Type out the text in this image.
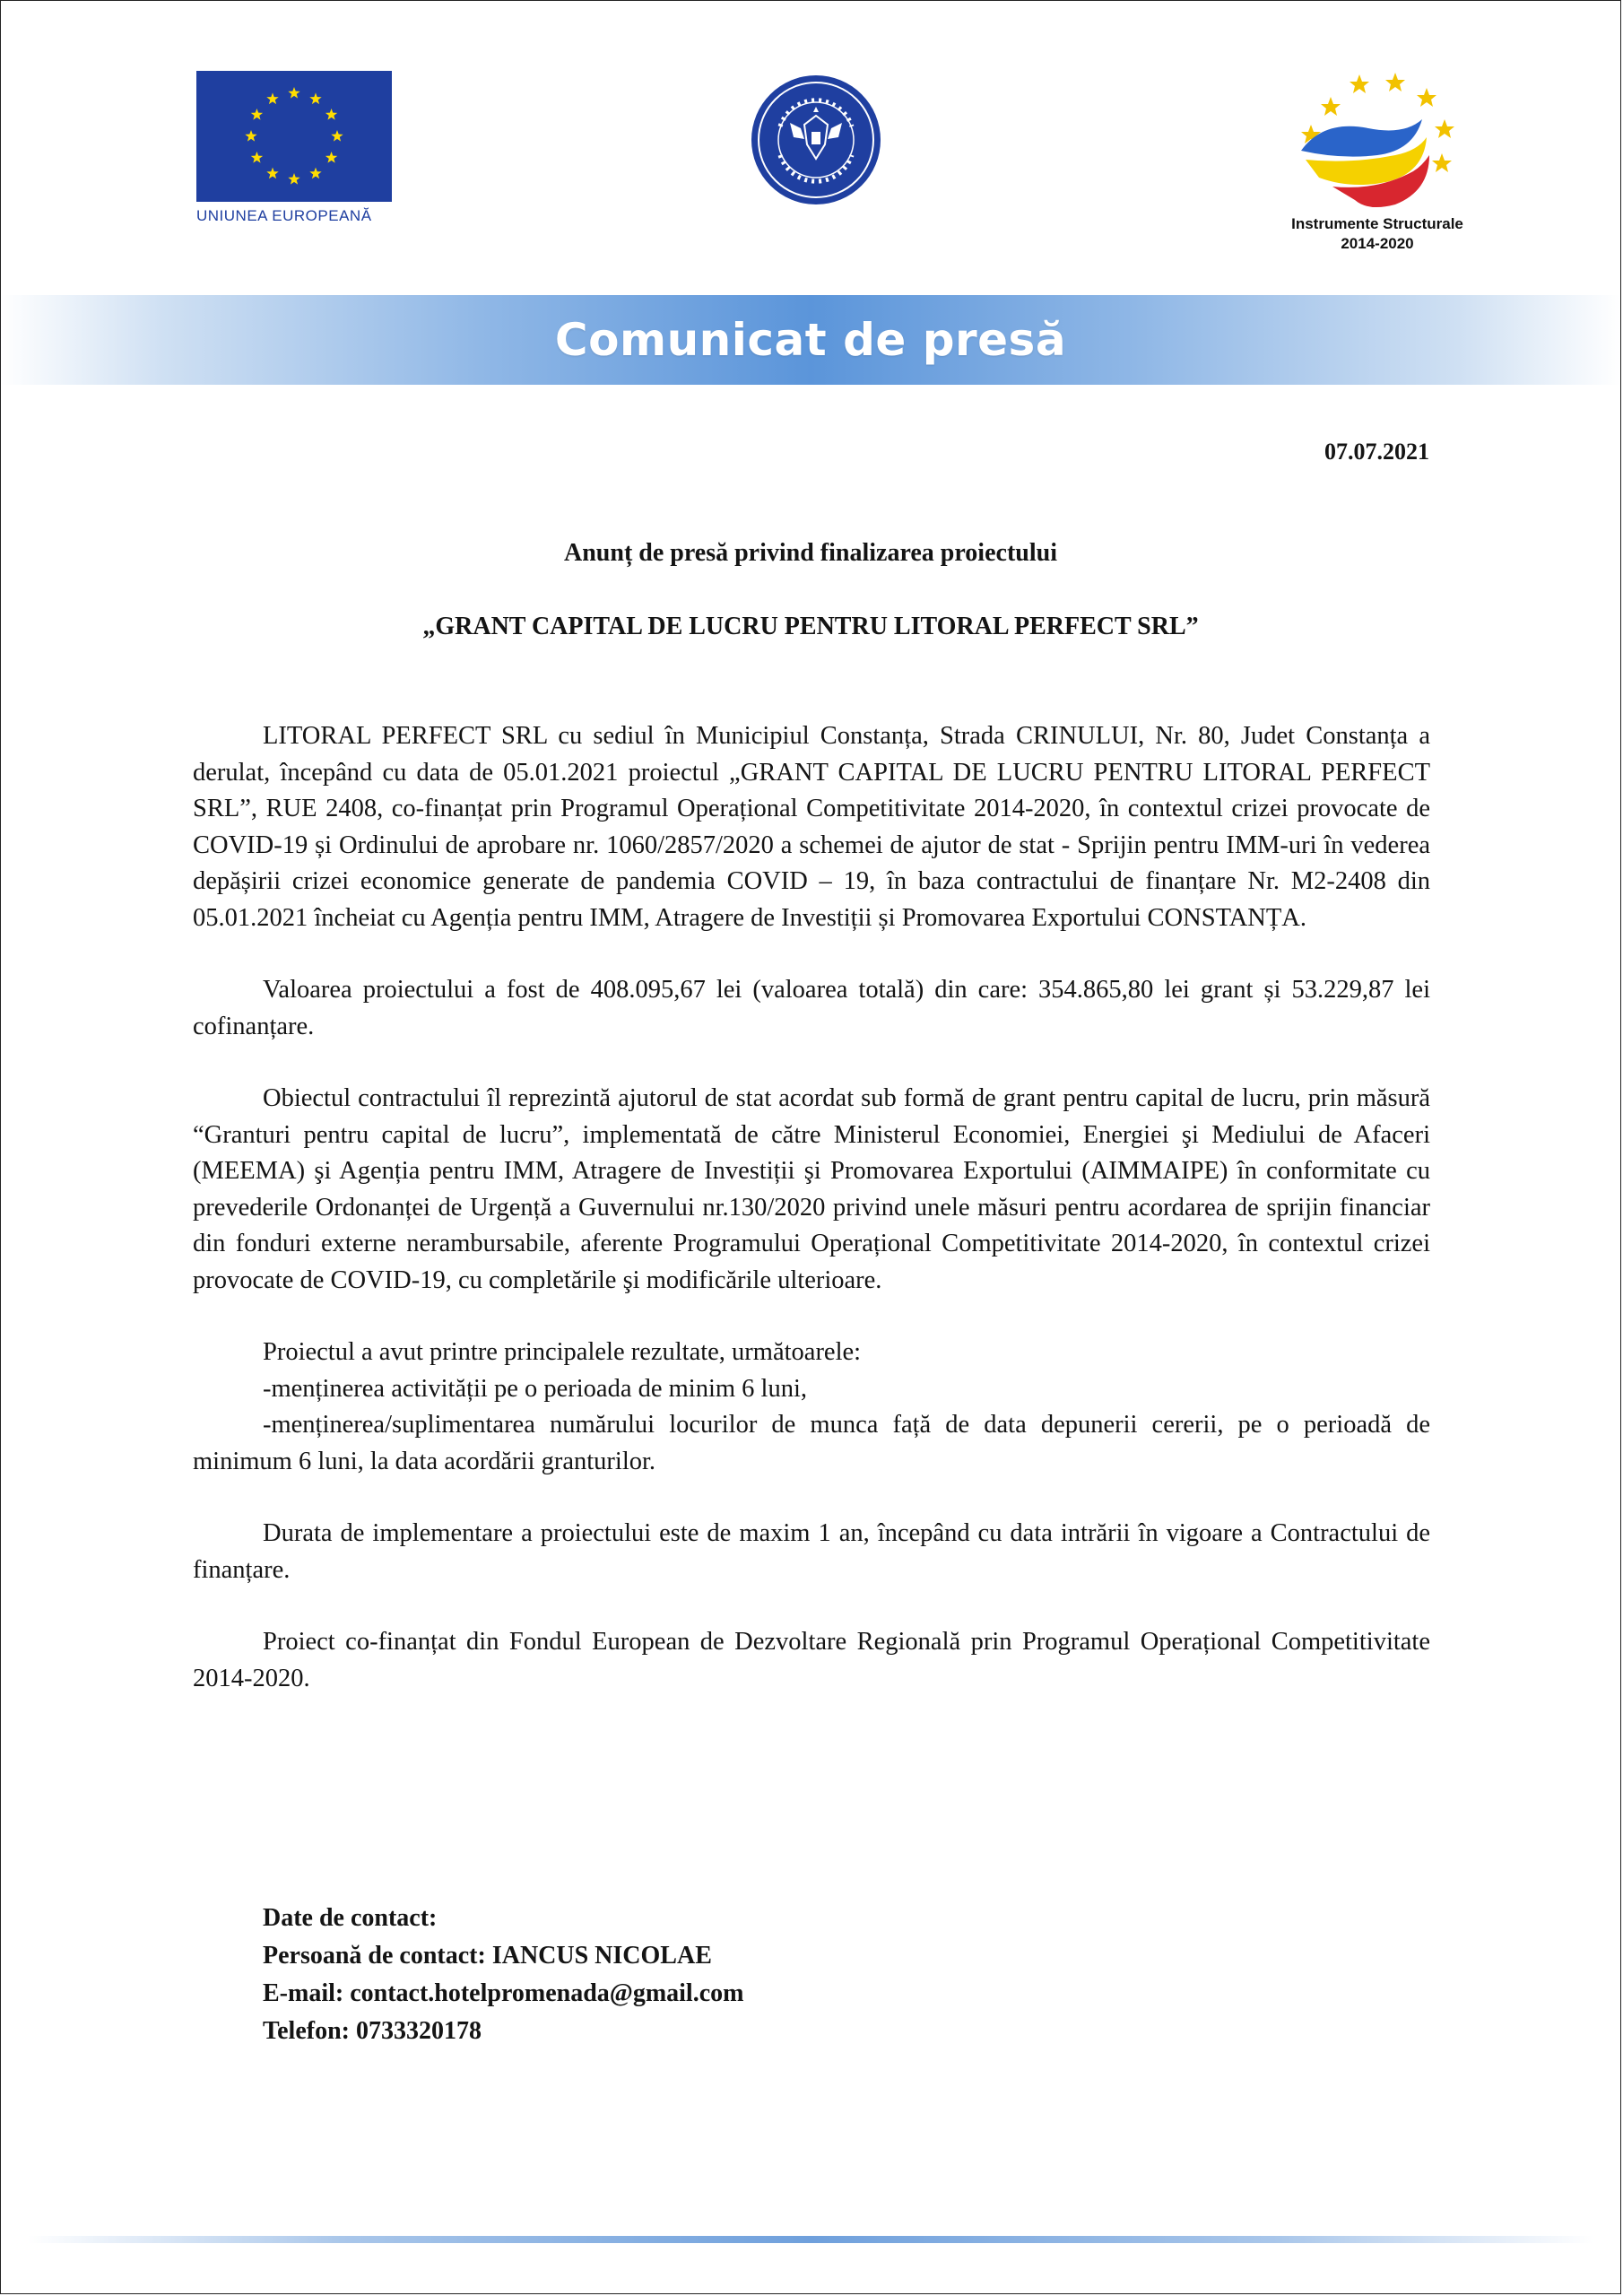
UNIUNEA EUROPEANĂ	Instrumente Structurale
2014-2020
Comunicat de presă
07.07.2021
Anunț de presă privind finalizarea proiectului
„GRANT CAPITAL DE LUCRU PENTRU LITORAL PERFECT SRL”

LITORAL PERFECT SRL cu sediul în Municipiul Constanța, Strada CRINULUI, Nr. 80, Judet Constanța a derulat, începând cu data de 05.01.2021 proiectul „GRANT CAPITAL DE LUCRU PENTRU LITORAL PERFECT SRL”, RUE 2408, co-finanțat prin Programul Operațional Competitivitate 2014-2020, în contextul crizei provocate de COVID-19 și Ordinului de aprobare nr. 1060/2857/2020 a schemei de ajutor de stat - Sprijin pentru IMM-uri în vederea depășirii crizei economice generate de pandemia COVID – 19, în baza contractului de finanțare Nr. M2-2408 din 05.01.2021 încheiat cu Agenția pentru IMM, Atragere de Investiții și Promovarea Exportului CONSTANȚA.

Valoarea proiectului a fost de 408.095,67 lei (valoarea totală) din care: 354.865,80 lei grant și 53.229,87 lei cofinanțare.

Obiectul contractului îl reprezintă ajutorul de stat acordat sub formă de grant pentru capital de lucru, prin măsură “Granturi pentru capital de lucru”, implementată de către Ministerul Economiei, Energiei şi Mediului de Afaceri (MEEMA) şi Agenția pentru IMM, Atragere de Investiții şi Promovarea Exportului (AIMMAIPE) în conformitate cu prevederile Ordonanței de Urgență a Guvernului nr.130/2020 privind unele măsuri pentru acordarea de sprijin financiar din fonduri externe nerambursabile, aferente Programului Operațional Competitivitate 2014-2020, în contextul crizei provocate de COVID-19, cu completările şi modificările ulterioare.

Proiectul a avut printre principalele rezultate, următoarele:

-menținerea activității pe o perioada de minim 6 luni,

-menținerea/suplimentarea numărului locurilor de munca față de data depunerii cererii, pe o perioadă de minimum 6 luni, la data acordării granturilor.

Durata de implementare a proiectului este de maxim 1 an, începând cu data intrării în vigoare a Contractului de finanțare.

Proiect co-finanțat din Fondul European de Dezvoltare Regională prin Programul Operațional Competitivitate 2014-2020.

Date de contact:
Persoană de contact: IANCUS NICOLAE
E-mail: contact.hotelpromenada@gmail.com
Telefon: 0733320178
